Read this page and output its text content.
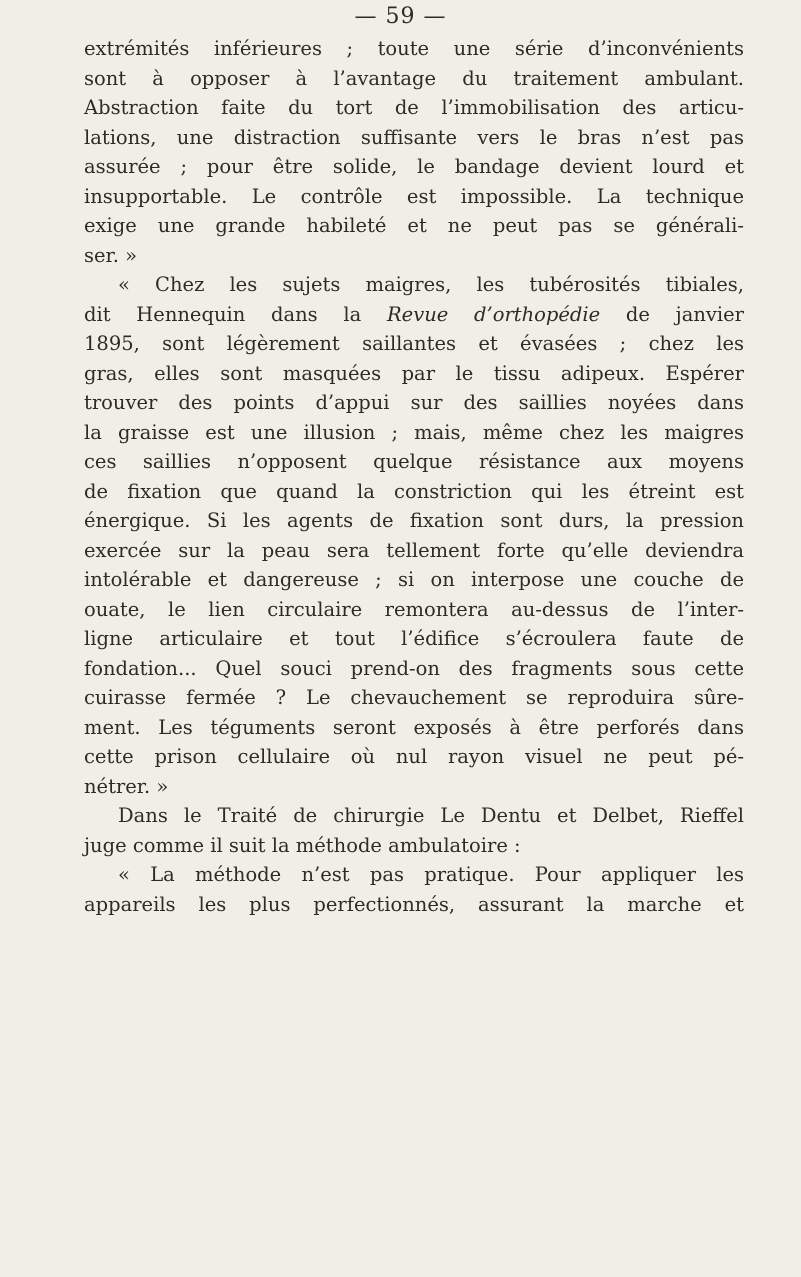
— 59 —
extrémités inférieures ; toute une série d’inconvénients
sont à opposer à l’avantage du traitement ambulant.
Abstraction faite du tort de l’immobilisation des articu-
lations, une distraction suffisante vers le bras n’est pas
assurée ; pour être solide, le bandage devient lourd et
insupportable. Le contrôle est impossible. La technique
exige une grande habileté et ne peut pas se générali-
ser. »
« Chez les sujets maigres, les tubérosités tibiales,
dit Hennequin dans la Revue d’orthopédie de janvier
1895, sont légèrement saillantes et évasées ; chez les
gras, elles sont masquées par le tissu adipeux. Espérer
trouver des points d’appui sur des saillies noyées dans
la graisse est une illusion ; mais, même chez les maigres
ces saillies n’opposent quelque résistance aux moyens
de fixation que quand la constriction qui les étreint est
énergique. Si les agents de fixation sont durs, la pression
exercée sur la peau sera tellement forte qu’elle deviendra
intolérable et dangereuse ; si on interpose une couche de
ouate, le lien circulaire remontera au-dessus de l’inter-
ligne articulaire et tout l’édifice s’écroulera faute de
fondation... Quel souci prend-on des fragments sous cette
cuirasse fermée ? Le chevauchement se reproduira sûre-
ment. Les téguments seront exposés à être perforés dans
cette prison cellulaire où nul rayon visuel ne peut pé-
nétrer. »
Dans le Traité de chirurgie Le Dentu et Delbet, Rieffel
juge comme il suit la méthode ambulatoire :
« La méthode n’est pas pratique. Pour appliquer les
appareils les plus perfectionnés, assurant la marche et
